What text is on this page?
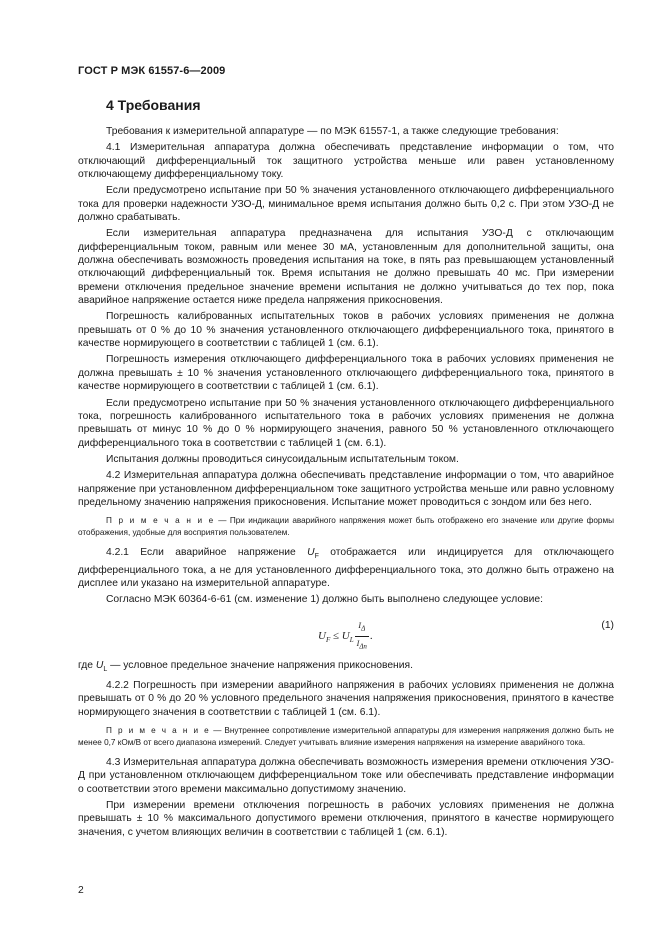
ГОСТ Р МЭК 61557-6—2009
4 Требования

Требования к измерительной аппаратуре — по МЭК 61557-1, а также следующие требования:

4.1 Измерительная аппаратура должна обеспечивать представление информации о том, что отключающий дифференциальный ток защитного устройства меньше или равен установленному отключающему дифференциальному току.

Если предусмотрено испытание при 50 % значения установленного отключающего дифференциального тока для проверки надежности УЗО-Д, минимальное время испытания должно быть 0,2 с. При этом УЗО-Д не должно срабатывать.

Если измерительная аппаратура предназначена для испытания УЗО-Д с отключающим дифференциальным током, равным или менее 30 мА, установленным для дополнительной защиты, она должна обеспечивать возможность проведения испытания на токе, в пять раз превышающем установленный отключающий дифференциальный ток. Время испытания не должно превышать 40 мс. При измерении времени отключения предельное значение времени испытания не должно учитываться до тех пор, пока аварийное напряжение остается ниже предела напряжения прикосновения.

Погрешность калиброванных испытательных токов в рабочих условиях применения не должна превышать от 0 % до 10 % значения установленного отключающего дифференциального тока, принятого в качестве нормирующего в соответствии с таблицей 1 (см. 6.1).

Погрешность измерения отключающего дифференциального тока в рабочих условиях применения не должна превышать ± 10 % значения установленного отключающего дифференциального тока, принятого в качестве нормирующего в соответствии с таблицей 1 (см. 6.1).

Если предусмотрено испытание при 50 % значения установленного отключающего дифференциального тока, погрешность калиброванного испытательного тока в рабочих условиях применения не должна превышать от минус 10 % до 0 % нормирующего значения, равного 50 % установленного отключающего дифференциального тока в соответствии с таблицей 1 (см. 6.1).

Испытания должны проводиться синусоидальным испытательным током.

4.2 Измерительная аппаратура должна обеспечивать представление информации о том, что аварийное напряжение при установленном дифференциальном токе защитного устройства меньше или равно условному предельному значению напряжения прикосновения. Испытание может проводиться с зондом или без него.

П р и м е ч а н и е — При индикации аварийного напряжения может быть отображено его значение или другие формы отображения, удобные для восприятия пользователем.

4.2.1 Если аварийное напряжение $U_F$ отображается или индицируется для отключающего дифференциального тока, а не для установленного дифференциального тока, это должно быть отражено на дисплее или указано на измерительной аппаратуре.

Согласно МЭК 60364-6-61 (см. изменение 1) должно быть выполнено следующее условие:

$U_F \le U_L \frac{I_\Delta}{I_{\Delta n}}$ .
(1)

где $U_L$ — условное предельное значение напряжения прикосновения.

4.2.2 Погрешность при измерении аварийного напряжения в рабочих условиях применения не должна превышать от 0 % до 20 % условного предельного значения напряжения прикосновения, принятого в качестве нормирующего значения в соответствии с таблицей 1 (см. 6.1).

П р и м е ч а н и е — Внутреннее сопротивление измерительной аппаратуры для измерения напряжения должно быть не менее 0,7 кОм/В от всего диапазона измерений. Следует учитывать влияние измерения напряжения на измерение аварийного тока.

4.3 Измерительная аппаратура должна обеспечивать возможность измерения времени отключения УЗО-Д при установленном отключающем дифференциальном токе или обеспечивать представление информации о соответствии этого времени максимально допустимому значению.

При измерении времени отключения погрешность в рабочих условиях применения не должна превышать ± 10 % максимального допустимого времени отключения, принятого в качестве нормирующего значения, с учетом влияющих величин в соответствии с таблицей 1 (см. 6.1).

2
